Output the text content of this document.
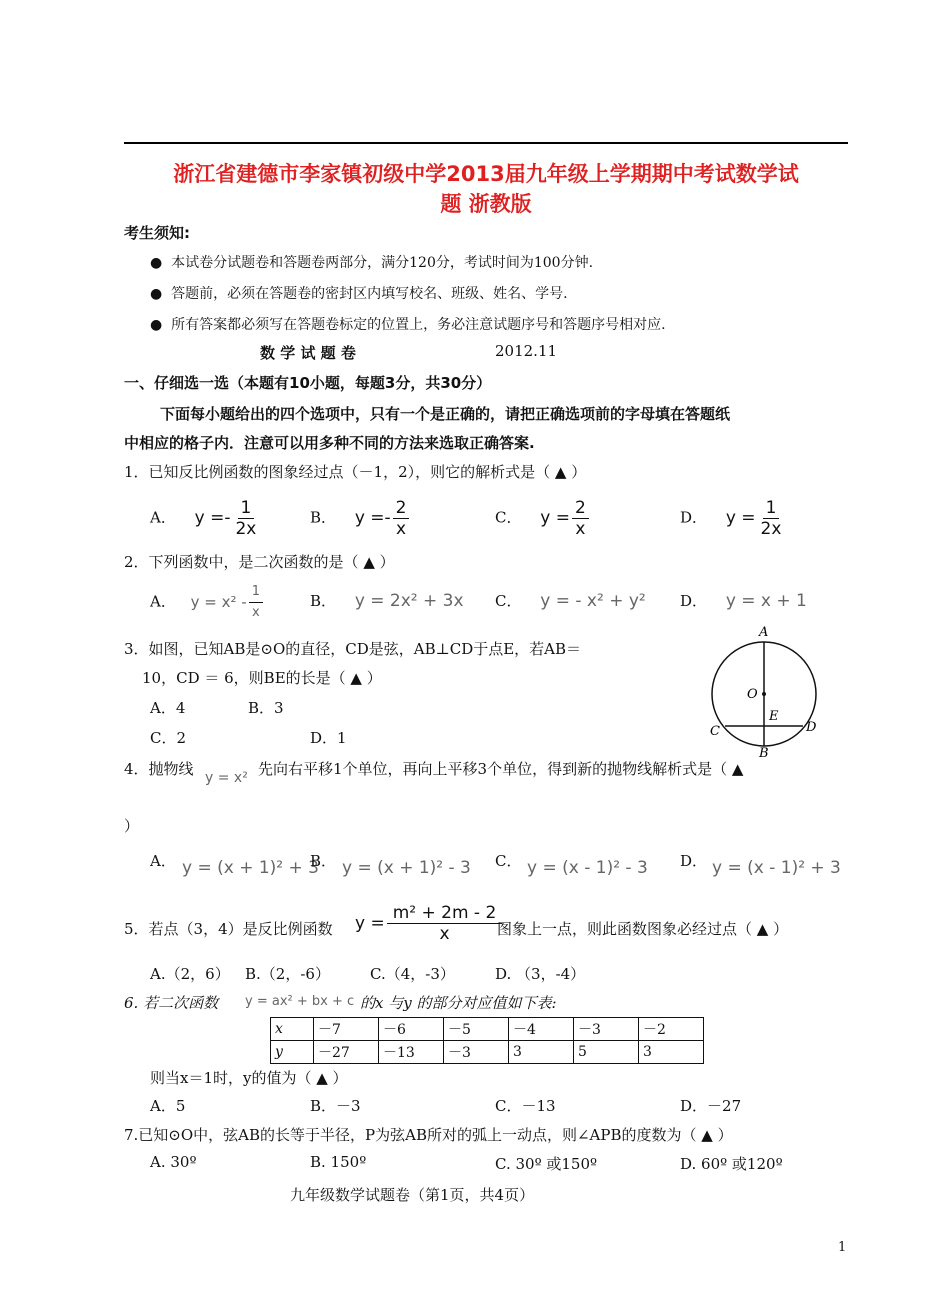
浙江省建德市李家镇初级中学2013届九年级上学期期中考试数学试
题 浙教版
考生须知:
● 本试卷分试题卷和答题卷两部分，满分120分，考试时间为100分钟.
● 答题前，必须在答题卷的密封区内填写校名、班级、姓名、学号.
● 所有答案都必须写在答题卷标定的位置上，务必注意试题序号和答题序号相对应.
数 学 试 题 卷	2012.11
一、仔细选一选（本题有10小题，每题3分，共30分）
下面每小题给出的四个选项中，只有一个是正确的，请把正确选项前的字母填在答题纸
中相应的格子内．注意可以用多种不同的方法来选取正确答案.
1．已知反比例函数的图象经过点（－1，2），则它的解析式是（ ▲ ）
A． $y =- \frac{1}{2x}$	B． $y =- \frac{2}{x}$	C． $y = \frac{2}{x}$	D． $y = \frac{1}{2x}$
2．下列函数中，是二次函数的是（ ▲ ）
A． $y = x^2 - \frac{1}{x}$	B． y = 2x² + 3x C． y = - x² + y² D． y = x + 1
3．如图，已知AB是⊙O的直径，CD是弦，AB⊥CD于点E，若AB＝
10，CD ＝ 6，则BE的长是（ ▲ ）
A．4	B．3
C．2	D．1
A
O
E
C	D
B
4．抛物线 y = x² 先向右平移1个单位，再向上平移3个单位，得到新的抛物线解析式是（ ▲
）
A． y = (x + 1)² + 3
B． y = (x + 1)² - 3 C． y = (x - 1)² - 3 D． y = (x - 1)² + 3
5．若点（3，4）是反比例函数 $y = \frac{\text{m² + 2m - 2}}{x}$
图象上一点，则此函数图象必经过点（ ▲ ）
A.（2，6） B.（2，-6）	C.（4，-3）	D. （3，-4）
6. 若二次函数 y = ax² + bx + c 的x 与y 的部分对应值如下表:
x	－7	－6	－5	－4	－3	－2
y	－27	－13	－3	3	5	3
则当x＝1时，y的值为（ ▲ ）
A．5	B．－3	C．－13	D．－27
7.已知⊙O中，弦AB的长等于半径，P为弦AB所对的弧上一动点，则∠APB的度数为（ ▲ ）
A. 30º	B. 150º	C. 30º 或150º	D. 60º 或120º
九年级数学试题卷（第1页，共4页）
1
